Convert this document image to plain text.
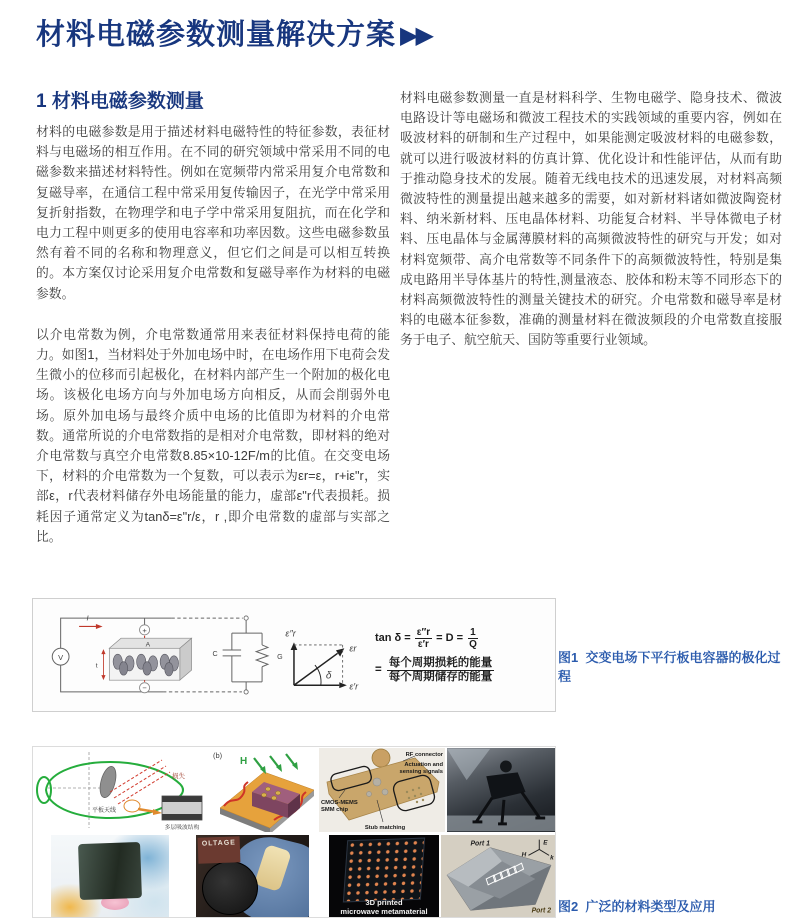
材料电磁参数测量解决方案 ▶▶
1 材料电磁参数测量

材料的电磁参数是用于描述材料电磁特性的特征参数，表征材料与电磁场的相互作用。在不同的研究领域中常采用不同的电磁参数来描述材料特性。例如在宽频带内常采用复介电常数和复磁导率，在通信工程中常采用复传输因子，在光学中常采用复折射指数，在物理学和电子学中常采用复阻抗，而在化学和电力工程中则更多的使用电容率和功率因数。这些电磁参数虽然有着不同的名称和物理意义，但它们之间是可以相互转换的。本方案仅讨论采用复介电常数和复磁导率作为材料的电磁参数。

以介电常数为例，介电常数通常用来表征材料保持电荷的能力。如图1，当材料处于外加电场中时，在电场作用下电荷会发生微小的位移而引起极化，在材料内部产生一个附加的极化电场。该极化电场方向与外加电场方向相反，从而会削弱外电场。原外加电场与最终介质中电场的比值即为材料的介电常数。通常所说的介电常数指的是相对介电常数，即材料的绝对介电常数与真空介电常数8.85×10-12F/m的比值。在交变电场下，材料的介电常数为一个复数，可以表示为εr=ε，r+iε"r，实部ε，r代表材料储存外电场能量的能力，虚部ε"r代表损耗。损耗因子通常定义为tanδ=ε"r/ε，r ,即介电常数的虚部与实部之比。

材料电磁参数测量一直是材料科学、生物电磁学、隐身技术、微波电路设计等电磁场和微波工程技术的实践领域的重要内容，例如在吸波材料的研制和生产过程中，如果能测定吸波材料的电磁参数，就可以进行吸波材料的仿真计算、优化设计和性能评估，从而有助于推动隐身技术的发展。随着无线电技术的迅速发展，对材料高频微波特性的测量提出越来越多的需要，如对新材料诸如微波陶瓷材料、纳米新材料、压电晶体材料、功能复合材料、半导体微电子材料、压电晶体与金属薄膜材料的高频微波特性的研究与开发；如对材料宽频带、高介电常数等不同条件下的高频微波特性，特别是集成电路用半导体基片的特性,测量液态、胶体和粉末等不同形态下的材料高频微波特性的测量关键技术的研究。介电常数和磁导率是材料的电磁本征参数，准确的测量材料在微波频段的介电常数直接服务于电子、航空航天、国防等重要行业领域。

V
I
+
A
t
−
C	G
δ
ε″r
εr
ε′r
$\tan \delta = \frac{\varepsilon''r}{\varepsilon'r} = D = \frac{1}{Q}$
= $\frac{\text{每个周期损耗的能量}}{\text{每个周期储存的能量}}$	图1  交变电场下平行板电容器的极化过程
损失
平板天线
多层吸波结构
(b)
H
RF connector
Actuation and
sensing signals
CMOS-MEMS
SMM chip
Stub matching
OLTAGE
3D printed
microwave metamaterial
E
H	k
Port 1
Port 2 图2  广泛的材料类型及应用
